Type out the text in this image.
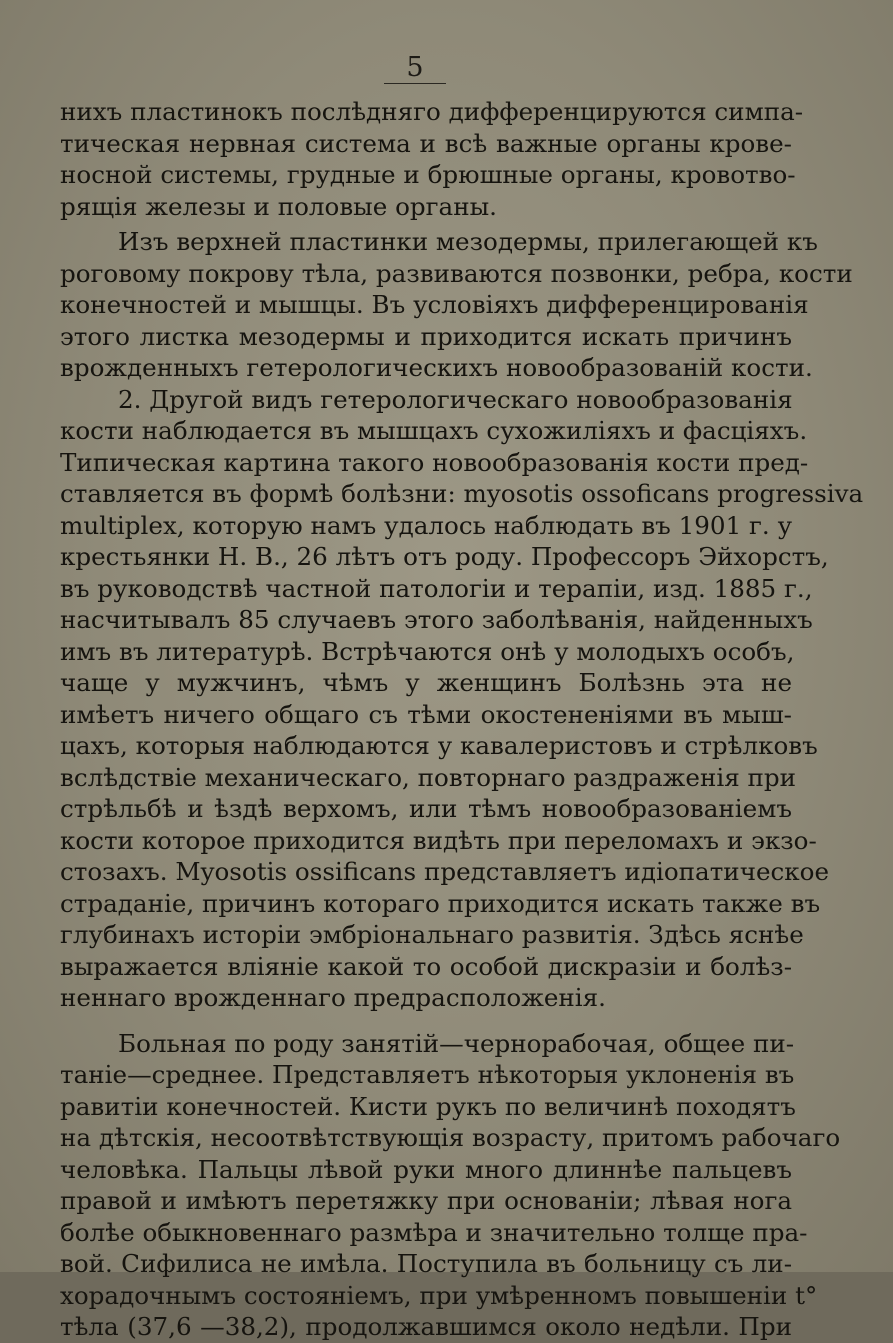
5
нихъ пластинокъ послѣдняго дифференцируются симпа-
тическая нервная система и всѣ важные органы крове-
носной системы, грудные и брюшные органы, кровотво-
рящія железы и половые органы.
Изъ верхней пластинки мезодермы, прилегающей къ
роговому покрову тѣла, развиваются позвонки, ребра, кости
конечностей и мышцы. Въ условіяхъ дифференцированія
этого листка мезодермы и приходится искать причинъ
врожденныхъ гетерологическихъ новообразованій кости.
2. Другой видъ гетерологическаго новообразованія
кости наблюдается въ мышцахъ сухожиліяхъ и фасціяхъ.
Типическая картина такого новообразованія кости пред-
ставляется въ формѣ болѣзни: myosotis ossoficans progressiva
multiplex, которую намъ удалось наблюдать въ 1901 г. у
крестьянки Н. В., 26 лѣтъ отъ роду. Профессоръ Эйхорстъ,
въ руководствѣ частной патологіи и терапіи, изд. 1885 г.,
насчитывалъ 85 случаевъ этого заболѣванія, найденныхъ
имъ въ литературѣ. Встрѣчаются онѣ у молодыхъ особъ,
чаще у мужчинъ, чѣмъ у женщинъ Болѣзнь эта не
имѣетъ ничего общаго съ тѣми окостененіями въ мыш-
цахъ, которыя наблюдаются у кавалеристовъ и стрѣлковъ
вслѣдствіе механическаго, повторнаго раздраженія при
стрѣльбѣ и ѣздѣ верхомъ, или тѣмъ новообразованіемъ
кости которое приходится видѣть при переломахъ и экзо-
стозахъ. Myosotis ossificans представляетъ идіопатическое
страданіе, причинъ котораго приходится искать также въ
глубинахъ исторіи эмбріональнаго развитія. Здѣсь яснѣе
выражается вліяніе какой то особой дискразіи и болѣз-
неннаго врожденнаго предрасположенія.
Больная по роду занятій—чернорабочая, общее пи-
таніе—среднее. Представляетъ нѣкоторыя уклоненія въ
равитіи конечностей. Кисти рукъ по величинѣ походятъ
на дѣтскія, несоотвѣтствующія возрасту, притомъ рабочаго
человѣка. Пальцы лѣвой руки много длиннѣе пальцевъ
правой и имѣютъ перетяжку при основаніи; лѣвая нога
болѣе обыкновеннаго размѣра и значительно толще пра-
вой. Сифилиса не имѣла. Поступила въ больницу съ ли-
хорадочнымъ состояніемъ, при умѣренномъ повышеніи t°
тѣла (37,6 —38,2), продолжавшимся около недѣли. При
